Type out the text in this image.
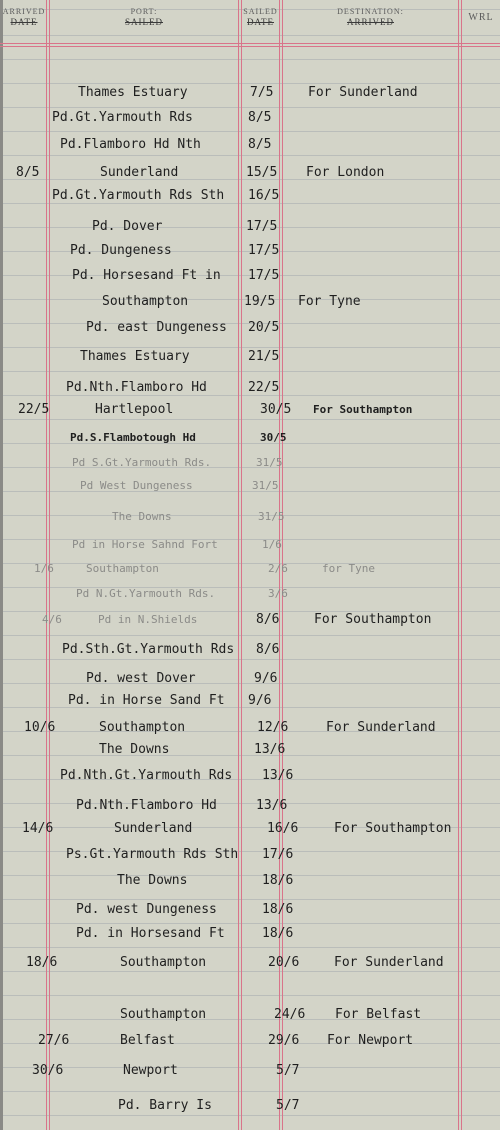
ARRIVED
DATE
PORT:
SAILED
SAILED
DATE
DESTINATION:
ARRIVED	WRL
Thames Estuary	7/5	For Sunderland
Pd.Gt.Yarmouth Rds	8/5
Pd.Flamboro Hd Nth	8/5
8/5	Sunderland	15/5 For London
Pd.Gt.Yarmouth Rds Sth 16/5
Pd. Dover	17/5
Pd. Dungeness	17/5
Pd. Horsesand Ft in 17/5
Southampton	19/5 For Tyne
Pd. east Dungeness 20/5
Thames Estuary	21/5
Pd.Nth.Flamboro Hd	22/5
22/5	Hartlepool	30/5 For Southampton
Pd.S.Flambotough Hd	30/5
Pd S.Gt.Yarmouth Rds.	31/5
Pd West Dungeness	31/5
The Downs	31/5
Pd in Horse Sahnd Fort	1/6
1/6	Southampton	2/6	for Tyne
Pd N.Gt.Yarmouth Rds.	3/6
4/6	Pd in N.Shields	8/6	For Southampton
Pd.Sth.Gt.Yarmouth Rds 8/6
Pd. west Dover	9/6
Pd. in Horse Sand Ft 9/6
10/6	Southampton	12/6	For Sunderland
The Downs	13/6
Pd.Nth.Gt.Yarmouth Rds 13/6
Pd.Nth.Flamboro Hd	13/6
14/6	Sunderland	16/6	For Southampton
Ps.Gt.Yarmouth Rds Sth 17/6
The Downs	18/6
Pd. west Dungeness	18/6
Pd. in Horsesand Ft	18/6
18/6	Southampton	20/6	For Sunderland
Southampton	24/6 For Belfast
27/6	Belfast	29/6 For Newport
30/6	Newport	5/7
Pd. Barry Is	5/7
